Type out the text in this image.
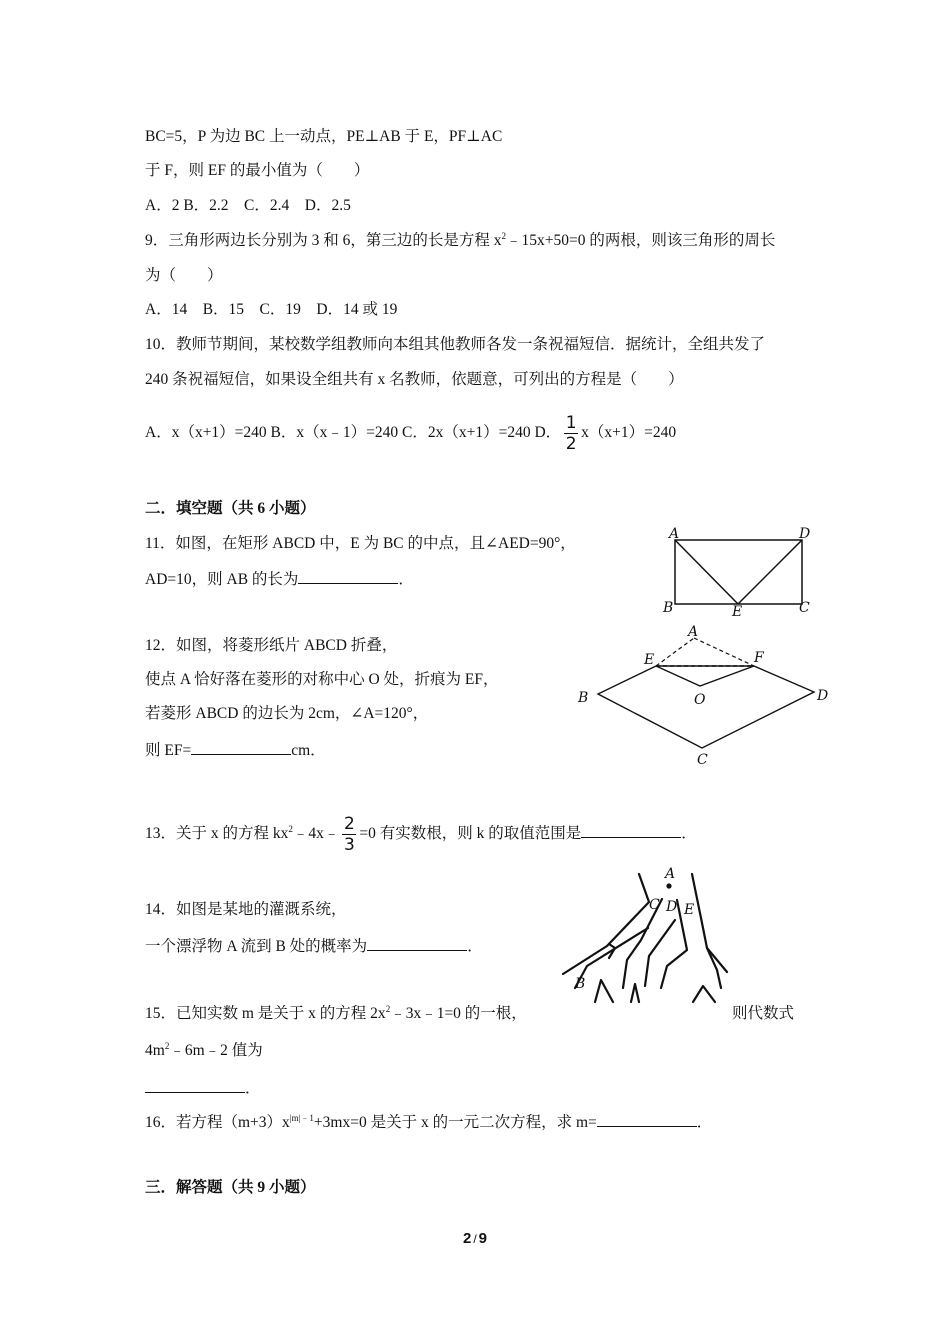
BC=5，P 为边 BC 上一动点，PE⊥AB 于 E，PF⊥AC
于 F，则 EF 的最小值为（　　）
A．2 B．2.2　C．2.4　D．2.5
9．三角形两边长分别为 3 和 6，第三边的长是方程 $x^2﹣15x+50=0$ 的两根，则该三角形的周长
为（　　）
A．14　B．15　C．19　D．14 或 19
10．教师节期间，某校数学组教师向本组其他教师各发一条祝福短信．据统计，全组共发了
240 条祝福短信，如果设全组共有 x 名教师，依题意，可列出的方程是（　　）
A．x（x+1）=240 B．x（x﹣1）=240 C．2x（x+1）=240 D． $\frac{1}{2} x(x+1)=240$
二．填空题（共 6 小题）
11．如图，在矩形 ABCD 中，E 为 BC 的中点，且∠AED=90°，
AD=10，则 AB 的长为	．
A	D
B	E	C
12．如图，将菱形纸片 ABCD 折叠，
使点 A 恰好落在菱形的对称中心 O 处，折痕为 EF，
若菱形 ABCD 的边长为 2cm，∠A=120°，
则 EF=	cm．
A
E	F
B	O	D
C
13．关于 x 的方程 $kx^2﹣4x﹣ \frac{2}{3} =0$ 有实数根，则 k 的取值范围是	．
14．如图是某地的灌溉系统，
一个漂浮物 A 流到 B 处的概率为	．
A
C D E
B
15．已知实数 m 是关于 x 的方程 $2x^2﹣3x﹣1=0$ 的一根，	则代数式
$4m^2﹣6m﹣2$ 值为
．
16．若方程$(m+3)x^{|m|﹣1}+3mx=0$ 是关于 x 的一元二次方程，求 m=	．
三．解答题（共 9 小题）
2 / 9
